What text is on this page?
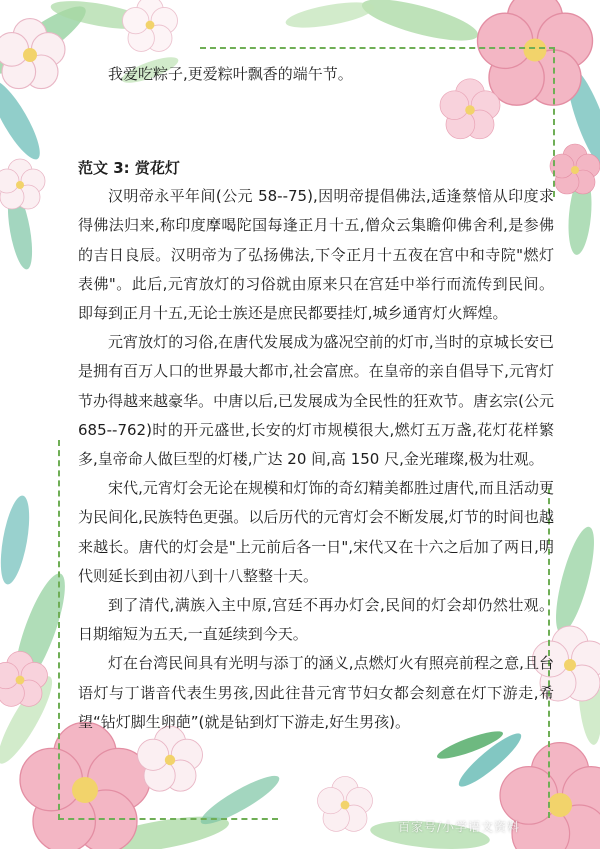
我爱吃粽子,更爱粽叶飘香的端午节。

范文 3: 赏花灯

汉明帝永平年间(公元 58--75),因明帝提倡佛法,适逢蔡愔从印度求得佛法归来,称印度摩喝陀国每逢正月十五,僧众云集瞻仰佛舍利,是参佛的吉日良辰。汉明帝为了弘扬佛法,下令正月十五夜在宫中和寺院"燃灯表佛"。此后,元宵放灯的习俗就由原来只在宫廷中举行而流传到民间。即每到正月十五,无论士族还是庶民都要挂灯,城乡通宵灯火辉煌。

元宵放灯的习俗,在唐代发展成为盛况空前的灯市,当时的京城长安已是拥有百万人口的世界最大都市,社会富庶。在皇帝的亲自倡导下,元宵灯节办得越来越豪华。中唐以后,已发展成为全民性的狂欢节。唐玄宗(公元 685--762)时的开元盛世,长安的灯市规模很大,燃灯五万盏,花灯花样繁多,皇帝命人做巨型的灯楼,广达 20 间,高 150 尺,金光璀璨,极为壮观。

宋代,元宵灯会无论在规模和灯饰的奇幻精美都胜过唐代,而且活动更为民间化,民族特色更强。以后历代的元宵灯会不断发展,灯节的时间也越来越长。唐代的灯会是"上元前后各一日",宋代又在十六之后加了两日,明代则延长到由初八到十八整整十天。

到了清代,满族入主中原,宫廷不再办灯会,民间的灯会却仍然壮观。日期缩短为五天,一直延续到今天。

灯在台湾民间具有光明与添丁的涵义,点燃灯火有照亮前程之意,且台语灯与丁谐音代表生男孩,因此往昔元宵节妇女都会刻意在灯下游走,希望“钻灯脚生卵葩”(就是钻到灯下游走,好生男孩)。

百家号/小学语文资料
